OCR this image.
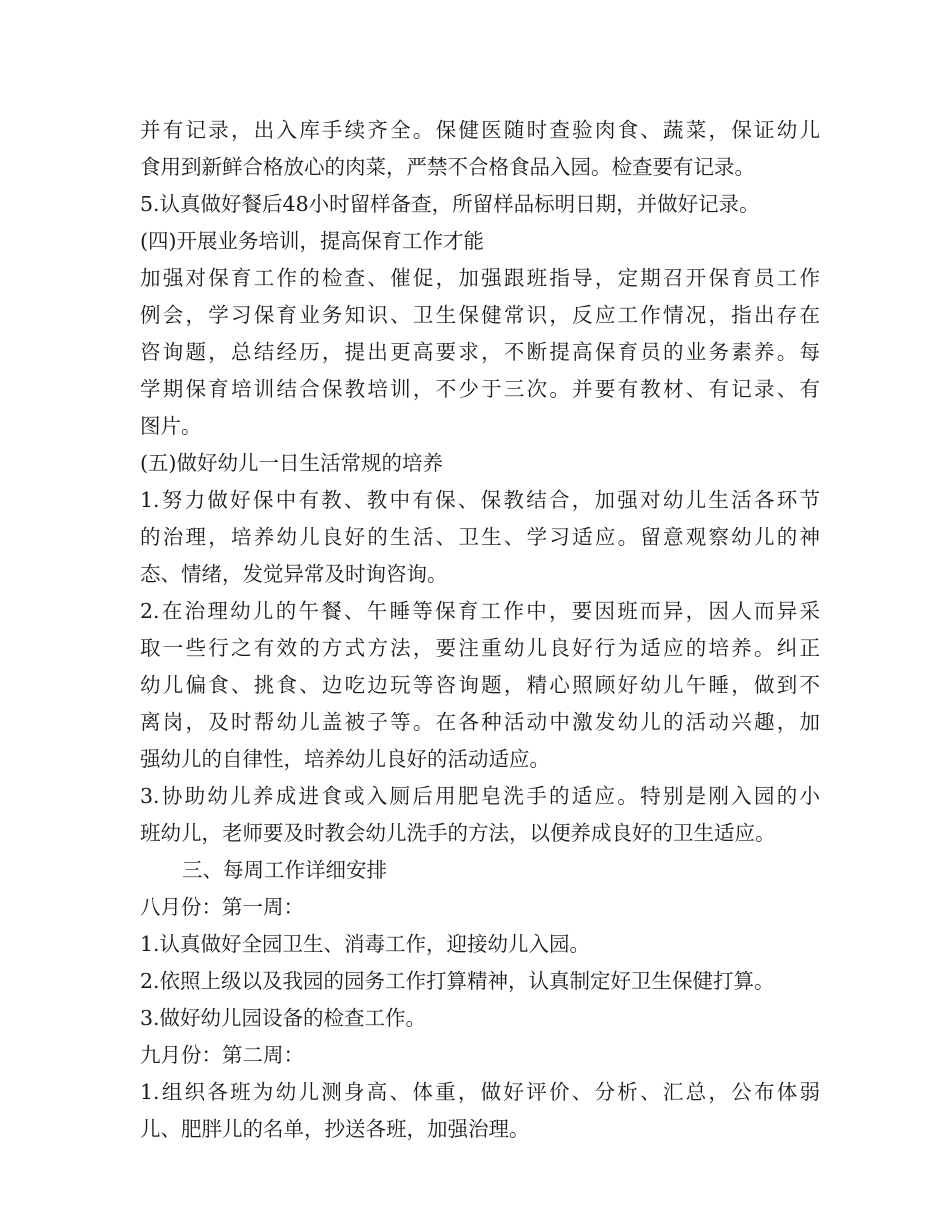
并有记录，出入库手续齐全。保健医随时查验肉食、蔬菜，保证幼儿
食用到新鲜合格放心的肉菜，严禁不合格食品入园。检查要有记录。
5.认真做好餐后48小时留样备查，所留样品标明日期，并做好记录。
(四)开展业务培训，提高保育工作才能
加强对保育工作的检查、催促，加强跟班指导，定期召开保育员工作
例会，学习保育业务知识、卫生保健常识，反应工作情况，指出存在
咨询题，总结经历，提出更高要求，不断提高保育员的业务素养。每
学期保育培训结合保教培训，不少于三次。并要有教材、有记录、有
图片。
(五)做好幼儿一日生活常规的培养
1.努力做好保中有教、教中有保、保教结合，加强对幼儿生活各环节
的治理，培养幼儿良好的生活、卫生、学习适应。留意观察幼儿的神
态、情绪，发觉异常及时询咨询。
2.在治理幼儿的午餐、午睡等保育工作中，要因班而异，因人而异采
取一些行之有效的方式方法，要注重幼儿良好行为适应的培养。纠正
幼儿偏食、挑食、边吃边玩等咨询题，精心照顾好幼儿午睡，做到不
离岗，及时帮幼儿盖被子等。在各种活动中激发幼儿的活动兴趣，加
强幼儿的自律性，培养幼儿良好的活动适应。
3.协助幼儿养成进食或入厕后用肥皂洗手的适应。特别是刚入园的小
班幼儿，老师要及时教会幼儿洗手的方法，以便养成良好的卫生适应。
三、每周工作详细安排
八月份：第一周：
1.认真做好全园卫生、消毒工作，迎接幼儿入园。
2.依照上级以及我园的园务工作打算精神，认真制定好卫生保健打算。
3.做好幼儿园设备的检查工作。
九月份：第二周：
1.组织各班为幼儿测身高、体重，做好评价、分析、汇总，公布体弱
儿、肥胖儿的名单，抄送各班，加强治理。
